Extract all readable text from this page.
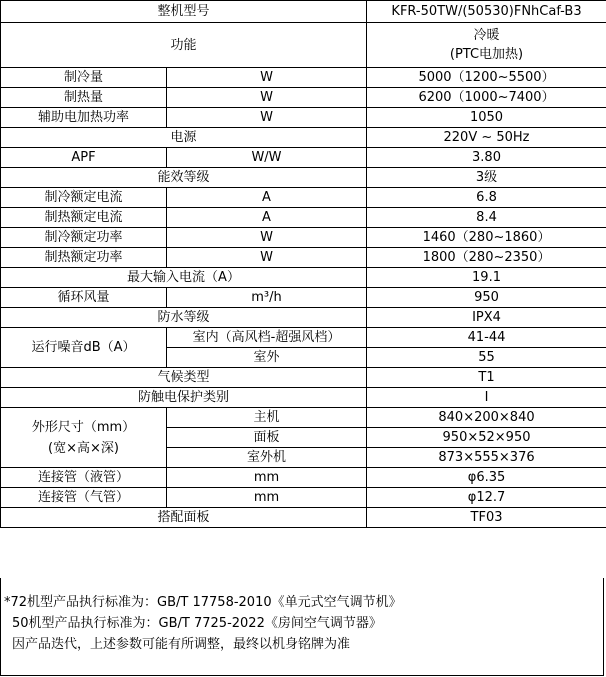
整机型号		KFR-50TW/(50530)FNhCaf-B3
功能		冷暖
(PTC电加热)

制冷量	W	5000（1200~5500）
制热量	W	6200（1000~7400）
辅助电加热功率	W	1050
电源		220V ~ 50Hz
APF	W/W	3.80
能效等级		3级
制冷额定电流	A	6.8
制热额定电流	A	8.4
制冷额定功率	W	1460（280~1860）
制热额定功率	W	1800（280~2350）
最大输入电流（A）		19.1
循环风量	m³/h	950
防水等级		IPX4
运行噪音dB（A）	室内（高风档-超强风档）	41-44
	室外	55
气候类型		T1
防触电保护类别		I

外形尺寸（mm）
(宽×高×深)	主机	840×200×840
	面板	950×52×950
	室外机	873×555×376
连接管（液管）	mm	φ6.35
连接管（气管）	mm	φ12.7
搭配面板		TF03
*72机型产品执行标准为：GB/T 17758-2010《单元式空气调节机》
50机型产品执行标准为：GB/T 7725-2022《房间空气调节器》
因产品迭代，上述参数可能有所调整，最终以机身铭牌为准
